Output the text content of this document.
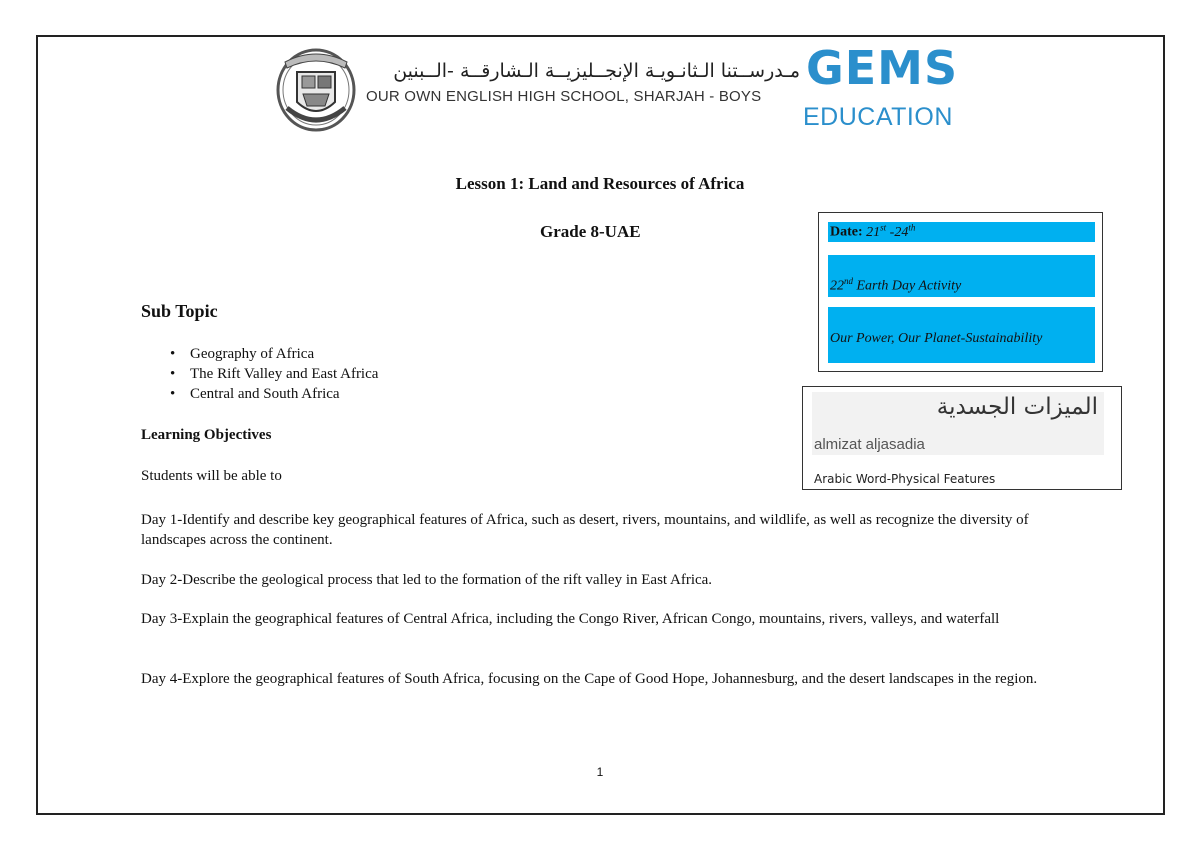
مـدرســتنا الـثانـويـة الإنجــليزيــة الـشارقــة -الــبنين
OUR OWN ENGLISH HIGH SCHOOL, SHARJAH - BOYS
GEMS
EDUCATION
Lesson 1: Land and Resources of Africa
Grade 8-UAE	Date: 21st -24th
22nd Earth Day Activity
Our Power, Our Planet-Sustainability
الميزات الجسدية
almizat aljasadia
Arabic Word-Physical Features
Sub Topic
• Geography of Africa
• The Rift Valley and East Africa
• Central and South Africa
Learning Objectives
Students will be able to
Day 1-Identify and describe key geographical features of Africa, such as desert, rivers, mountains, and wildlife, as well as recognize the diversity of landscapes across the continent.
Day 2-Describe the geological process that led to the formation of the rift valley in East Africa.
Day 3-Explain the geographical features of Central Africa, including the Congo River, African Congo, mountains, rivers, valleys, and waterfall
Day 4-Explore the geographical features of South Africa, focusing on the Cape of Good Hope, Johannesburg, and the desert landscapes in the region.
1
